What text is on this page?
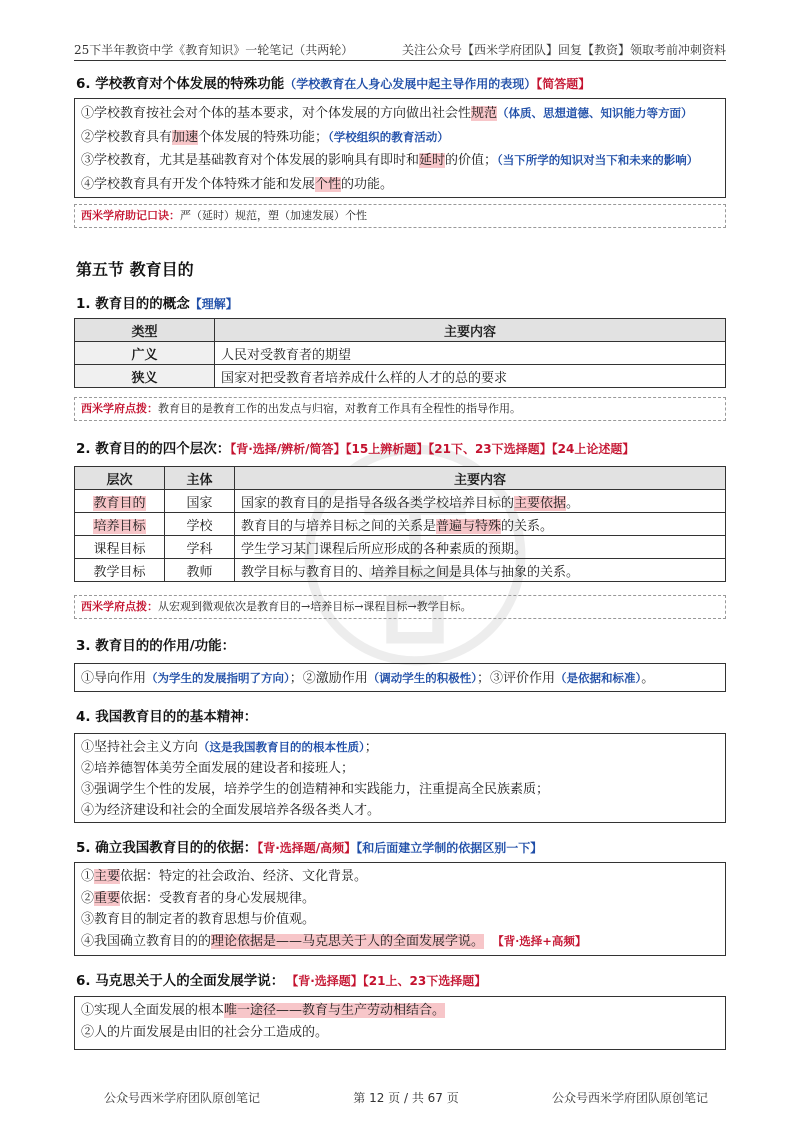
25下半年教资中学《教育知识》一轮笔记（共两轮）	关注公众号【西米学府团队】回复【教资】领取考前冲刺资料
6. 学校教育对个体发展的特殊功能（学校教育在人身心发展中起主导作用的表现）【简答题】
①学校教育按社会对个体的基本要求，对个体发展的方向做出社会性规范（体质、思想道德、知识能力等方面）
②学校教育具有加速个体发展的特殊功能；（学校组织的教育活动）
③学校教育，尤其是基础教育对个体发展的影响具有即时和延时的价值；（当下所学的知识对当下和未来的影响）
④学校教育具有开发个体特殊才能和发展个性的功能。
西米学府助记口诀：严（延时）规范，塑（加速发展）个性
第五节 教育目的
1. 教育目的的概念【理解】
类型	主要内容
广义	人民对受教育者的期望
狭义	国家对把受教育者培养成什么样的人才的总的要求
西米学府点拨：教育目的是教育工作的出发点与归宿，对教育工作具有全程性的指导作用。
2. 教育目的的四个层次：【背·选择/辨析/简答】【15上辨析题】【21下、23下选择题】【24上论述题】
层次	主体	主要内容
教育目的	国家	国家的教育目的是指导各级各类学校培养目标的主要依据。
培养目标	学校	教育目的与培养目标之间的关系是普遍与特殊的关系。
课程目标	学科	学生学习某门课程后所应形成的各种素质的预期。
教学目标	教师	教学目标与教育目的、培养目标之间是具体与抽象的关系。
西米学府点拨：从宏观到微观依次是教育目的→培养目标→课程目标→教学目标。
3. 教育目的的作用/功能：
①导向作用（为学生的发展指明了方向）；②激励作用（调动学生的积极性）；③评价作用（是依据和标准）。
4. 我国教育目的的基本精神：
①坚持社会主义方向（这是我国教育目的的根本性质）；
②培养德智体美劳全面发展的建设者和接班人；
③强调学生个性的发展，培养学生的创造精神和实践能力，注重提高全民族素质；
④为经济建设和社会的全面发展培养各级各类人才。
5. 确立我国教育目的的依据：【背·选择题/高频】【和后面建立学制的依据区别一下】
①主要依据：特定的社会政治、经济、文化背景。
②重要依据：受教育者的身心发展规律。
③教育目的制定者的教育思想与价值观。
④我国确立教育目的的理论依据是——马克思关于人的全面发展学说。 【背·选择+高频】
6. 马克思关于人的全面发展学说： 【背·选择题】【21上、23下选择题】
①实现人全面发展的根本唯一途径——教育与生产劳动相结合。
②人的片面发展是由旧的社会分工造成的。
公众号西米学府团队原创笔记	第 12 页 / 共 67 页	公众号西米学府团队原创笔记
